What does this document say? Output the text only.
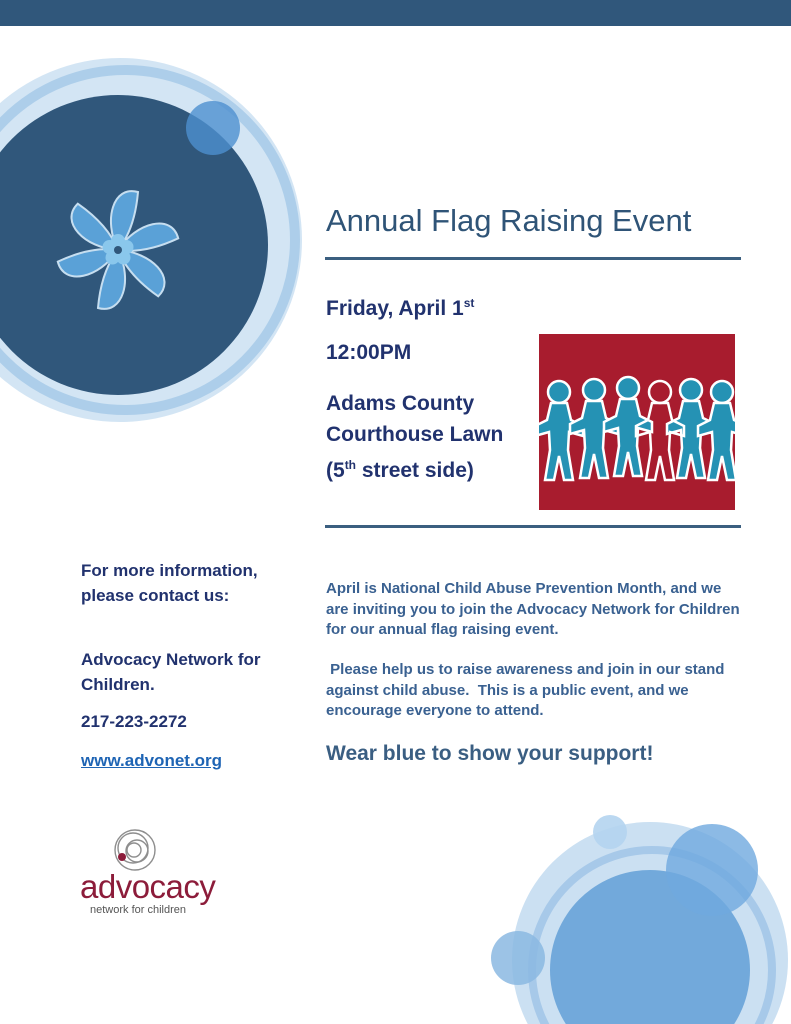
Annual Flag Raising Event
Friday, April 1st
12:00PM
Adams County
Courthouse Lawn
(5th street side)
For more information, please contact us:
Advocacy Network for Children.
217-223-2272
www.advonet.org
April is National Child Abuse Prevention Month, and we are inviting you to join the Advocacy Network for Children for our annual flag raising event.
Please help us to raise awareness and join in our stand against child abuse.  This is a public event, and we encourage everyone to attend.
Wear blue to show your support!
advocacy
network for children
